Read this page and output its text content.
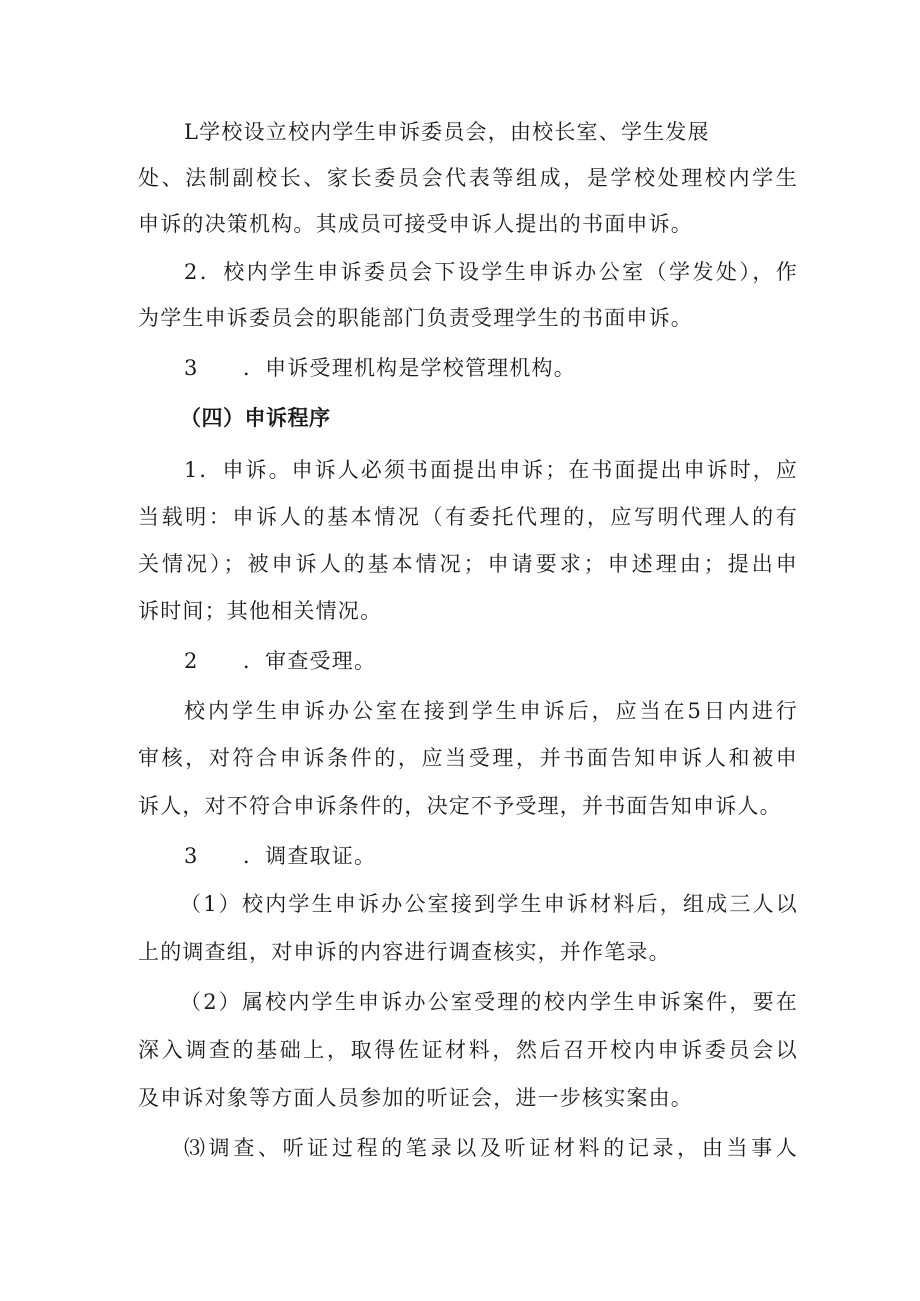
L学校设立校内学生申诉委员会，由校长室、学生发展
处、法制副校长、家长委员会代表等组成，是学校处理校内学生
申诉的决策机构。其成员可接受申诉人提出的书面申诉。
2．校内学生申诉委员会下设学生申诉办公室（学发处），作
为学生申诉委员会的职能部门负责受理学生的书面申诉。
3　　．申诉受理机构是学校管理机构。
（四）申诉程序
1．申诉。申诉人必须书面提出申诉；在书面提出申诉时，应
当载明：申诉人的基本情况（有委托代理的，应写明代理人的有
关情况）；被申诉人的基本情况；申请要求；申述理由；提出申
诉时间；其他相关情况。
2　　．审查受理。
校内学生申诉办公室在接到学生申诉后，应当在5日内进行
审核，对符合申诉条件的，应当受理，并书面告知申诉人和被申
诉人，对不符合申诉条件的，决定不予受理，并书面告知申诉人。
3　　．调查取证。
（1）校内学生申诉办公室接到学生申诉材料后，组成三人以
上的调查组，对申诉的内容进行调查核实，并作笔录。
（2）属校内学生申诉办公室受理的校内学生申诉案件，要在
深入调查的基础上，取得佐证材料，然后召开校内申诉委员会以
及申诉对象等方面人员参加的听证会，进一步核实案由。
⑶调查、听证过程的笔录以及听证材料的记录，由当事人
